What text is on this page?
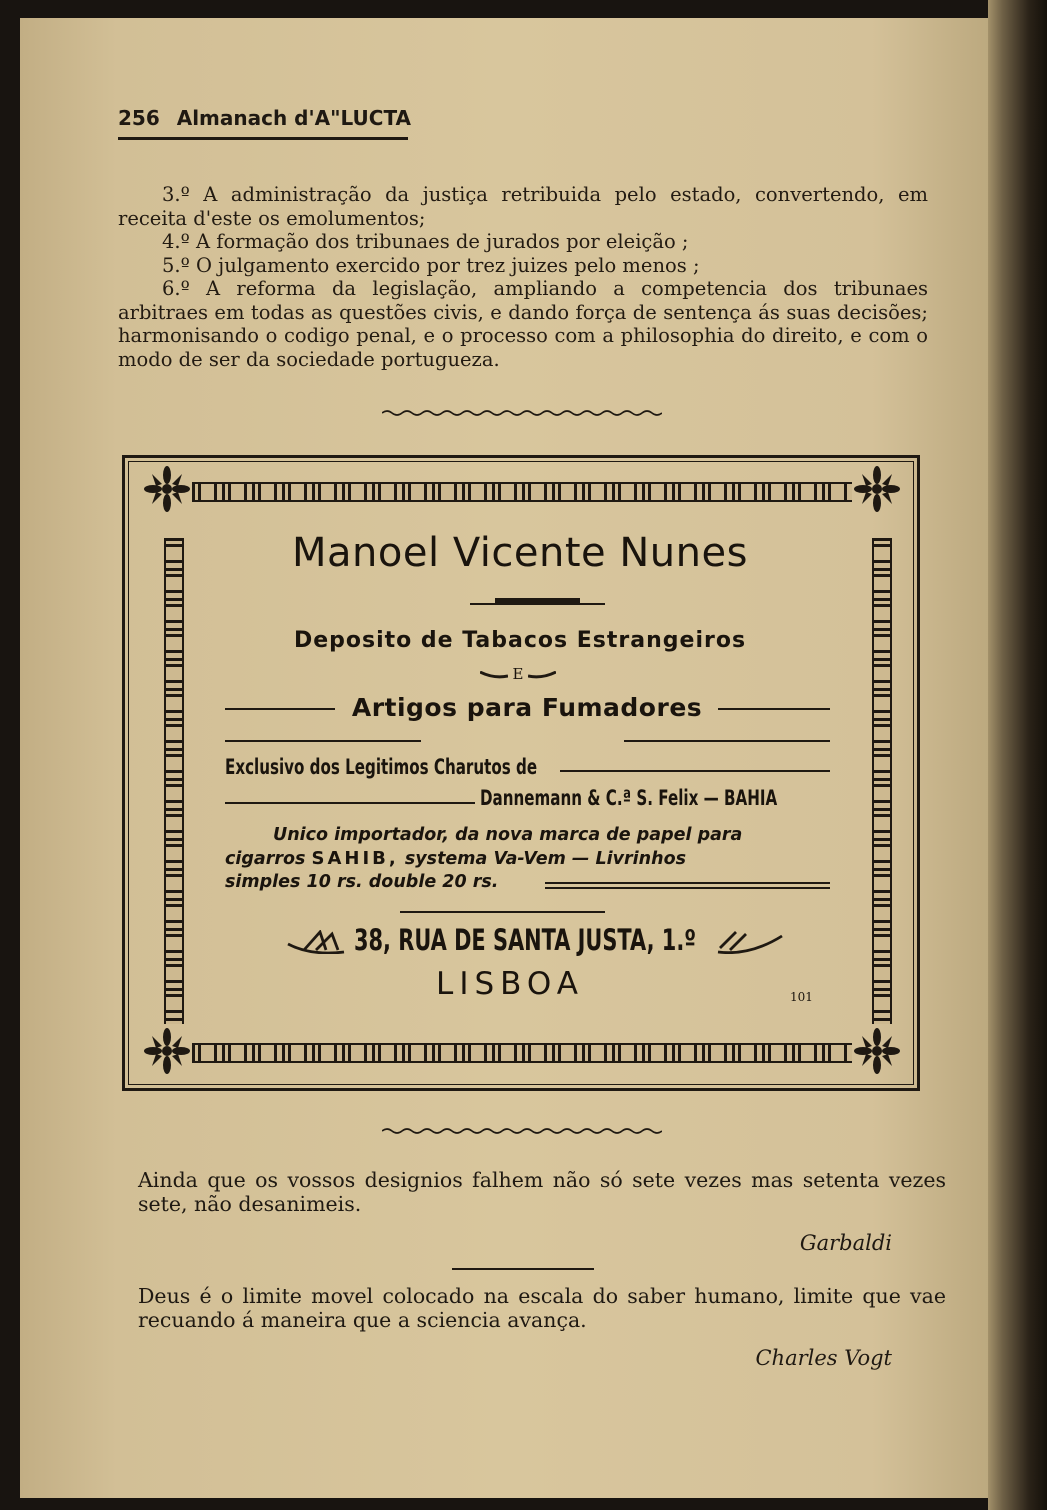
256 Almanach d'A"LUCTA

3.º A administração da justiça retribuida pelo estado, convertendo, em receita d'este os emolumentos;

4.º A formação dos tribunaes de jurados por eleição ;

5.º O julgamento exercido por trez juizes pelo menos ;

6.º A reforma da legislação, ampliando a competencia dos tribunaes arbitraes em todas as questões civis, e dando força de sentença ás suas decisões; harmonisando o codigo penal, e o processo com a philosophia do direito, e com o modo de ser da sociedade portugueza.

Manoel Vicente Nunes
Deposito de Tabacos Estrangeiros
E
Artigos para Fumadores
Exclusivo dos Legitimos Charutos de
Dannemann & C.ª S. Felix — BAHIA
Unico importador, da nova marca de papel para
cigarros SAHIB, systema Va-Vem — Livrinhos
simples 10 rs. double 20 rs.
38, RUA DE SANTA JUSTA, 1.º
LISBOA	101
Ainda que os vossos designios falhem não só sete vezes mas setenta vezes sete, não desanimeis.
Garbaldi
Deus é o limite movel colocado na escala do saber humano, limite que vae recuando á maneira que a sciencia avança.
Charles Vogt
